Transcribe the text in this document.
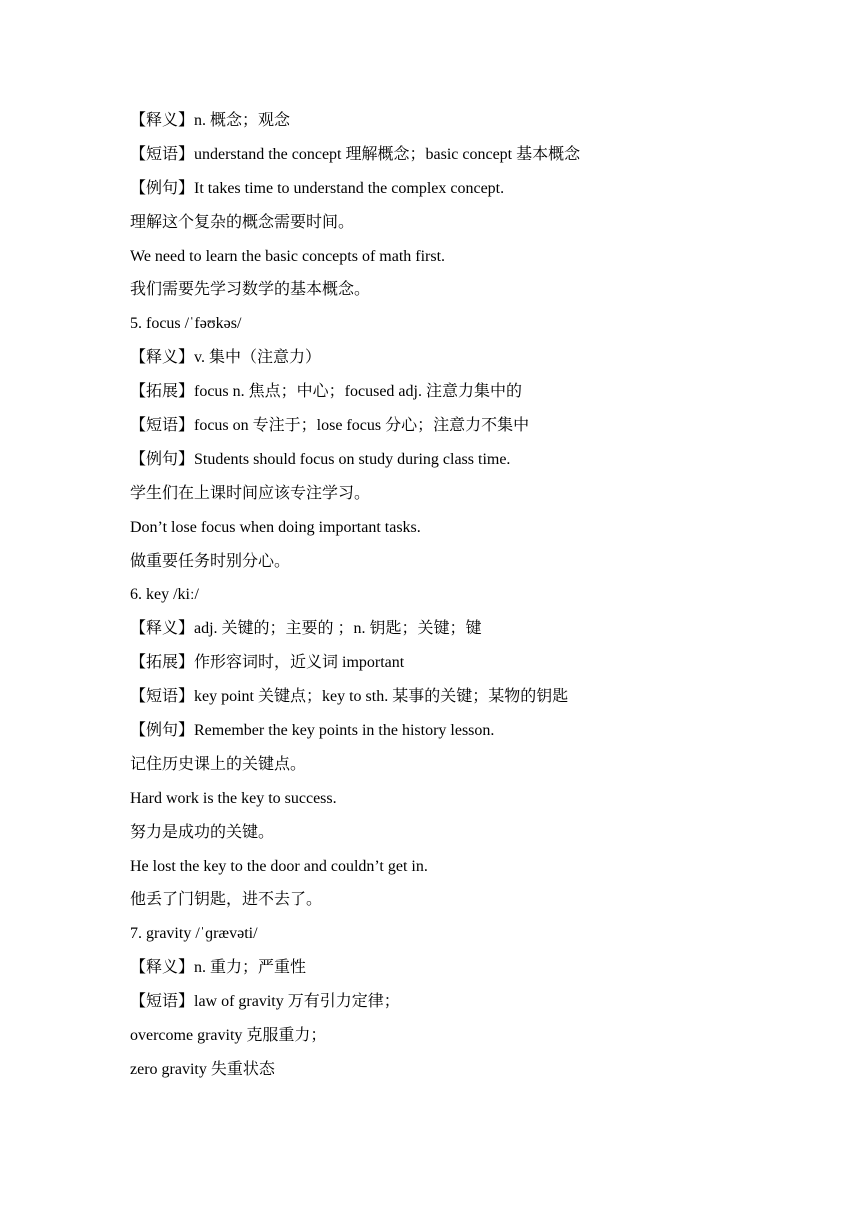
【释义】n. 概念；观念
【短语】understand the concept 理解概念；basic concept 基本概念
【例句】It takes time to understand the complex concept.
理解这个复杂的概念需要时间。
We need to learn the basic concepts of math first.
我们需要先学习数学的基本概念。
5. focus /ˈfəʊkəs/
【释义】v. 集中（注意力）
【拓展】focus n. 焦点；中心；focused adj. 注意力集中的
【短语】focus on 专注于；lose focus 分心；注意力不集中
【例句】Students should focus on study during class time.
学生们在上课时间应该专注学习。
Don’t lose focus when doing important tasks.
做重要任务时别分心。
6. key /kiː/
【释义】adj. 关键的；主要的 ；n. 钥匙；关键；键
【拓展】作形容词时，近义词 important
【短语】key point 关键点；key to sth. 某事的关键；某物的钥匙
【例句】Remember the key points in the history lesson.
记住历史课上的关键点。
Hard work is the key to success.
努力是成功的关键。
He lost the key to the door and couldn’t get in.
他丢了门钥匙，进不去了。
7. gravity /ˈɡrævəti/
【释义】n. 重力；严重性
【短语】law of gravity 万有引力定律；
overcome gravity 克服重力；
zero gravity 失重状态
